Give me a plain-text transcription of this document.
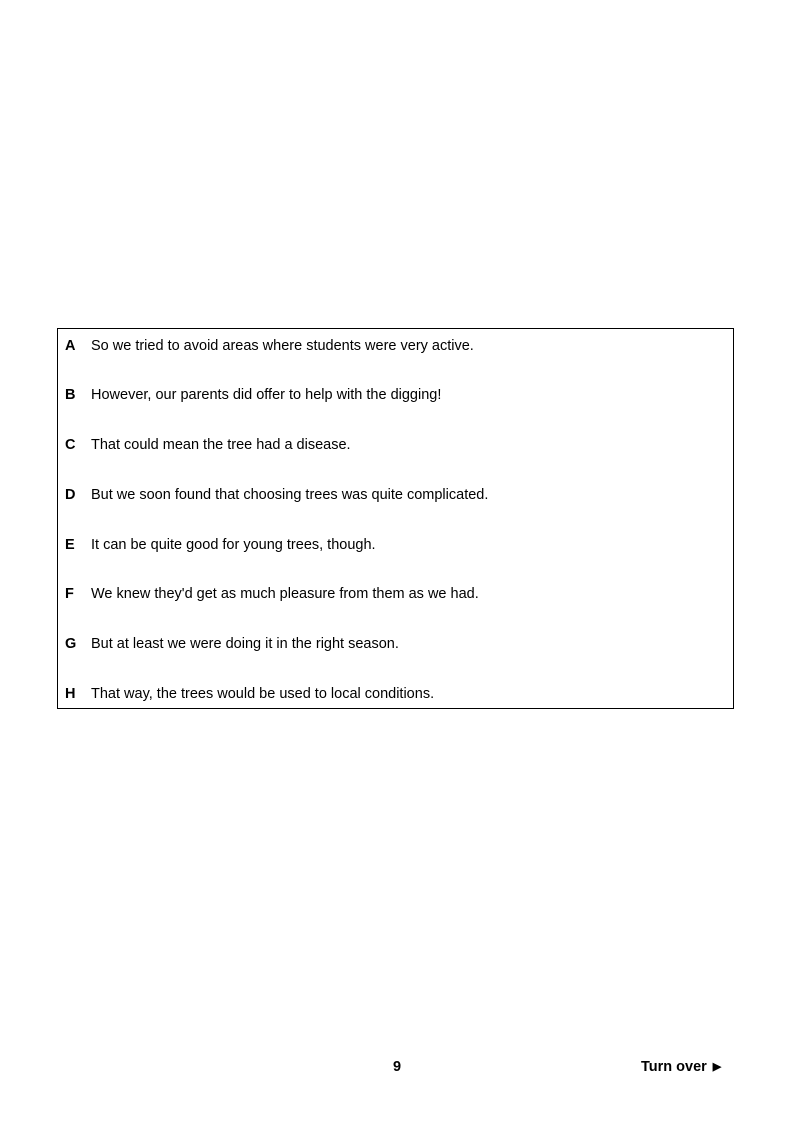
A So we tried to avoid areas where students were very active.
B However, our parents did offer to help with the digging!
C That could mean the tree had a disease.
D But we soon found that choosing trees was quite complicated.
E It can be quite good for young trees, though.
F We knew they'd get as much pleasure from them as we had.
G But at least we were doing it in the right season.
H That way, the trees would be used to local conditions.
9	Turn over ▶
